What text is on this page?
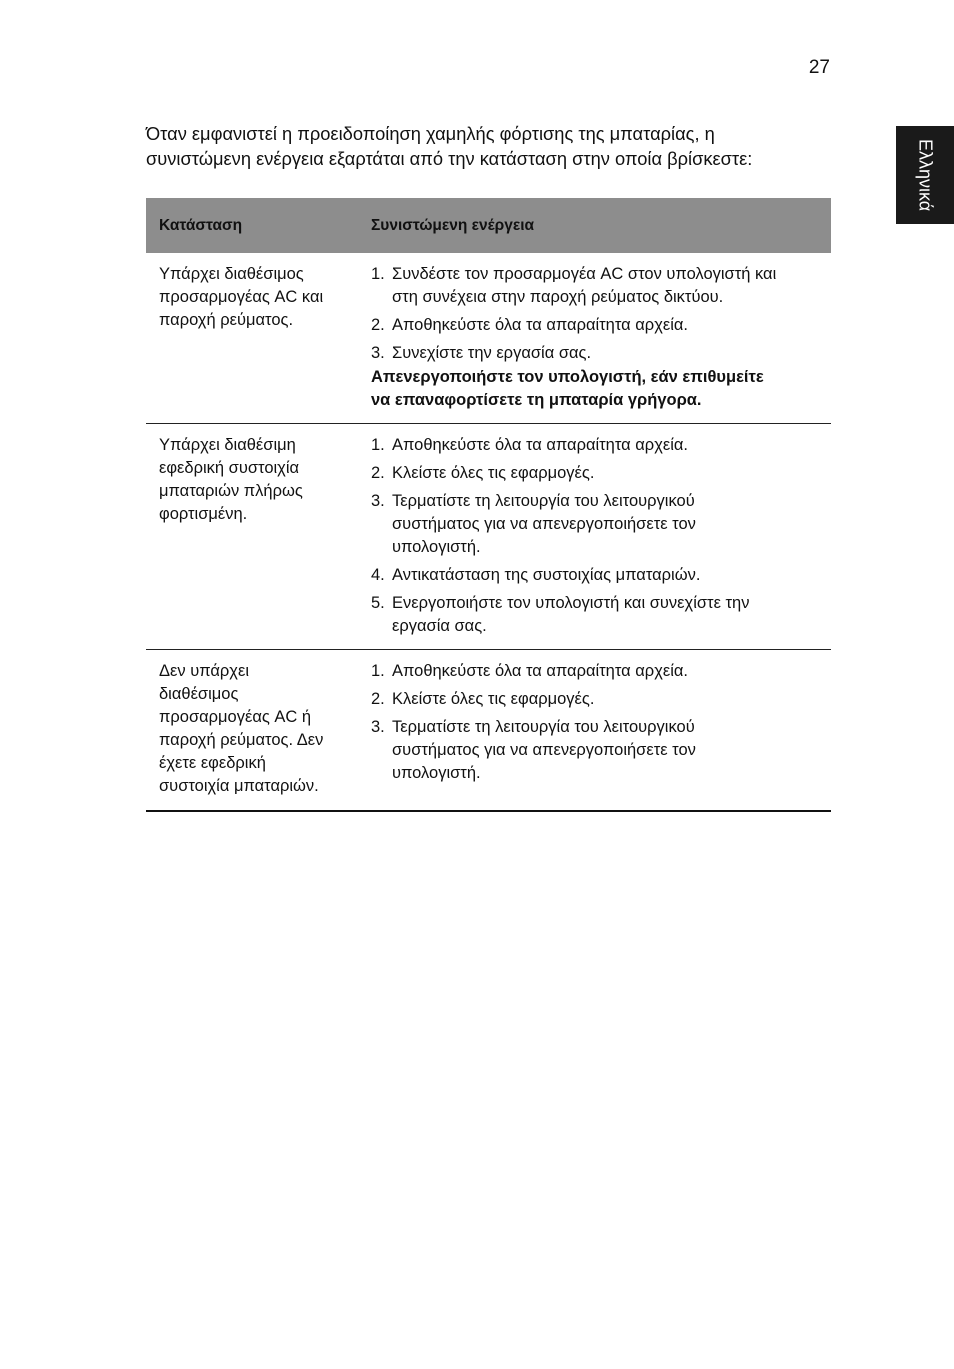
27
Ελληνικά
Όταν εμφανιστεί η προειδοποίηση χαμηλής φόρτισης της μπαταρίας, η
συνιστώμενη ενέργεια εξαρτάται από την κατάσταση στην οποία βρίσκεστε:
Κατάσταση	Συνιστώμενη ενέργεια
Υπάρχει διαθέσιμος
προσαρμογέας AC και
παροχή ρεύματος.
1. Συνδέστε τον προσαρμογέα AC στον υπολογιστή και
στη συνέχεια στην παροχή ρεύματος δικτύου.
2. Αποθηκεύστε όλα τα απαραίτητα αρχεία.
3. Συνεχίστε την εργασία σας.
Απενεργοποιήστε τον υπολογιστή, εάν επιθυμείτε
να επαναφορτίσετε τη μπαταρία γρήγορα.
Υπάρχει διαθέσιμη
εφεδρική συστοιχία
μπαταριών πλήρως
φορτισμένη.
1. Αποθηκεύστε όλα τα απαραίτητα αρχεία.
2. Κλείστε όλες τις εφαρμογές.
3. Τερματίστε τη λειτουργία του λειτουργικού
συστήματος για να απενεργοποιήσετε τον
υπολογιστή.
4. Αντικατάσταση της συστοιχίας μπαταριών.
5. Ενεργοποιήστε τον υπολογιστή και συνεχίστε την
εργασία σας.
Δεν υπάρχει
διαθέσιμος
προσαρμογέας AC ή
παροχή ρεύματος. Δεν
έχετε εφεδρική
συστοιχία μπαταριών.
1. Αποθηκεύστε όλα τα απαραίτητα αρχεία.
2. Κλείστε όλες τις εφαρμογές.
3. Τερματίστε τη λειτουργία του λειτουργικού
συστήματος για να απενεργοποιήσετε τον
υπολογιστή.
